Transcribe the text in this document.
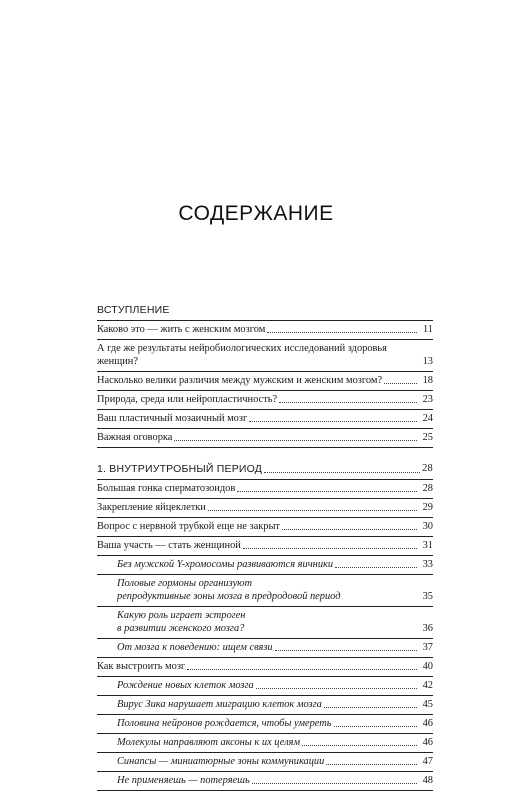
СОДЕРЖАНИЕ
ВСТУПЛЕНИЕ
Каково это — жить с женским мозгом	11
А где же результаты нейробиологических исследований здоровья женщин?	13
Насколько велики различия между мужским и женским мозгом?	18
Природа, среда или нейропластичность?	23
Ваш пластичный мозаичный мозг	24
Важная оговорка	25
1. ВНУТРИУТРОБНЫЙ ПЕРИОД	28
Большая гонка сперматозоидов	28
Закрепление яйцеклетки	29
Вопрос с нервной трубкой еще не закрыт	30
Ваша участь — стать женщиной	31
Без мужской Y-хромосомы развиваются яичники	33
Половые гормоны организуют
репродуктивные зоны мозга в предродовой период	35
Какую роль играет эстроген
в развитии женского мозга?	36
От мозга к поведению: ищем связи	37
Как выстроить мозг	40
Рождение новых клеток мозга	42
Вирус Зика нарушает миграцию клеток мозга	45
Половина нейронов рождается, чтобы умереть	46
Молекулы направляют аксоны к их целям	46
Синапсы — миниатюрные зоны коммуникации	47
Не применяешь — потеряешь	48
